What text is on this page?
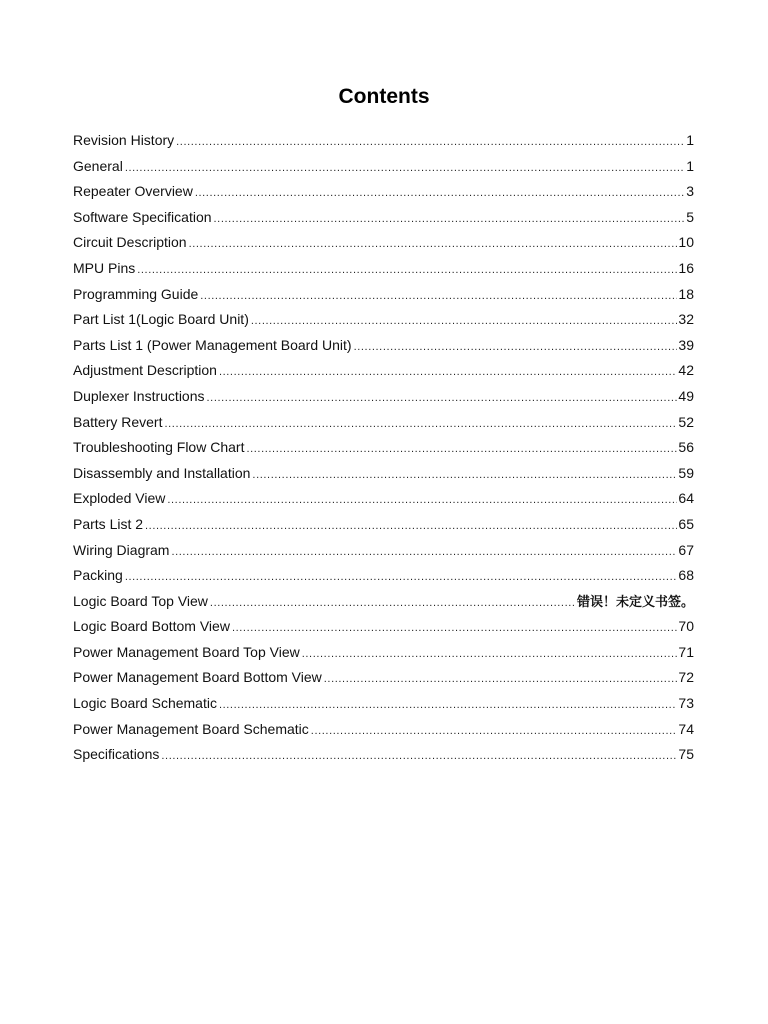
Contents
Revision History .....	1
General .....	1
Repeater Overview .....	3
Software Specification .....	5
Circuit Description .....	10
MPU Pins .....	16
Programming Guide .....	18
Part List 1(Logic Board Unit) .....	32
Parts List 1 (Power Management Board Unit) .....	39
Adjustment Description .....	42
Duplexer Instructions .....	49
Battery Revert .....	52
Troubleshooting Flow Chart .....	56
Disassembly and Installation .....	59
Exploded View .....	64
Parts List 2 .....	65
Wiring Diagram .....	67
Packing .....	68
Logic Board Top View .....	错误！未定义书签。
Logic Board Bottom View .....	70
Power Management Board Top View .....	71
Power Management Board Bottom View .....	72
Logic Board Schematic .....	73
Power Management Board Schematic .....	74
Specifications .....	75
